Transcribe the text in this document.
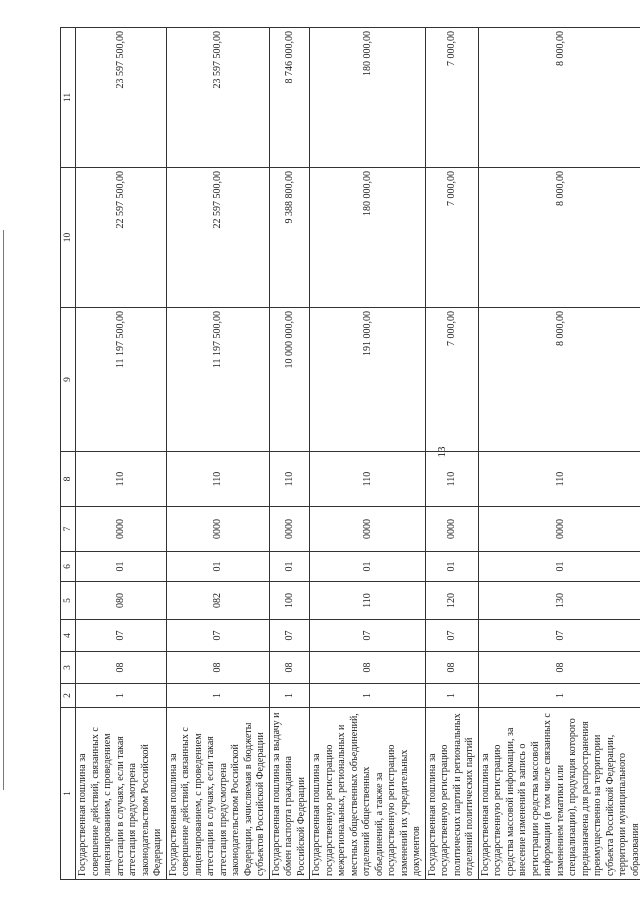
13
1	2	3	4	5	6	7	8	9	10	11
Государственная пошлина за совершение действий, связанных с лицензированием, с проведением аттестации в случаях, если такая аттестация предусмотрена законодательством Российской Федерации	1	08	07	080	01	0000	110	11 197 500,00	22 597 500,00	23 597 500,00
Государственная пошлина за совершение действий, связанных с лицензированием, с проведением аттестации в случаях, если такая аттестация предусмотрена законодательством Российской Федерации, зачисляемая в бюджеты субъектов Российской Федерации	1	08	07	082	01	0000	110	11 197 500,00	22 597 500,00	23 597 500,00
Государственная пошлина за выдачу и обмен паспорта гражданина Российской Федерации	1	08	07	100	01	0000	110	10 000 000,00	9 388 800,00	8 746 000,00
Государственная пошлина за государственную регистрацию межрегиональных, региональных и местных общественных объединений, отделений общественных объединений, а также за государственную регистрацию изменений их учредительных документов	1	08	07	110	01	0000	110	191 000,00	180 000,00	180 000,00
Государственная пошлина за государственную регистрацию политических партий и региональных отделений политических партий	1	08	07	120	01	0000	110	7 000,00	7 000,00	7 000,00
Государственная пошлина за государственную регистрацию средства массовой информации, за внесение изменений в запись о регистрации средства массовой информации (в том числе связанных с изменением тематики или специализации), продукция которого предназначена для распространения преимущественно на территории субъекта Российской Федерации, территории муниципального образования	1	08	07	130	01	0000	110	8 000,00	8 000,00	8 000,00
